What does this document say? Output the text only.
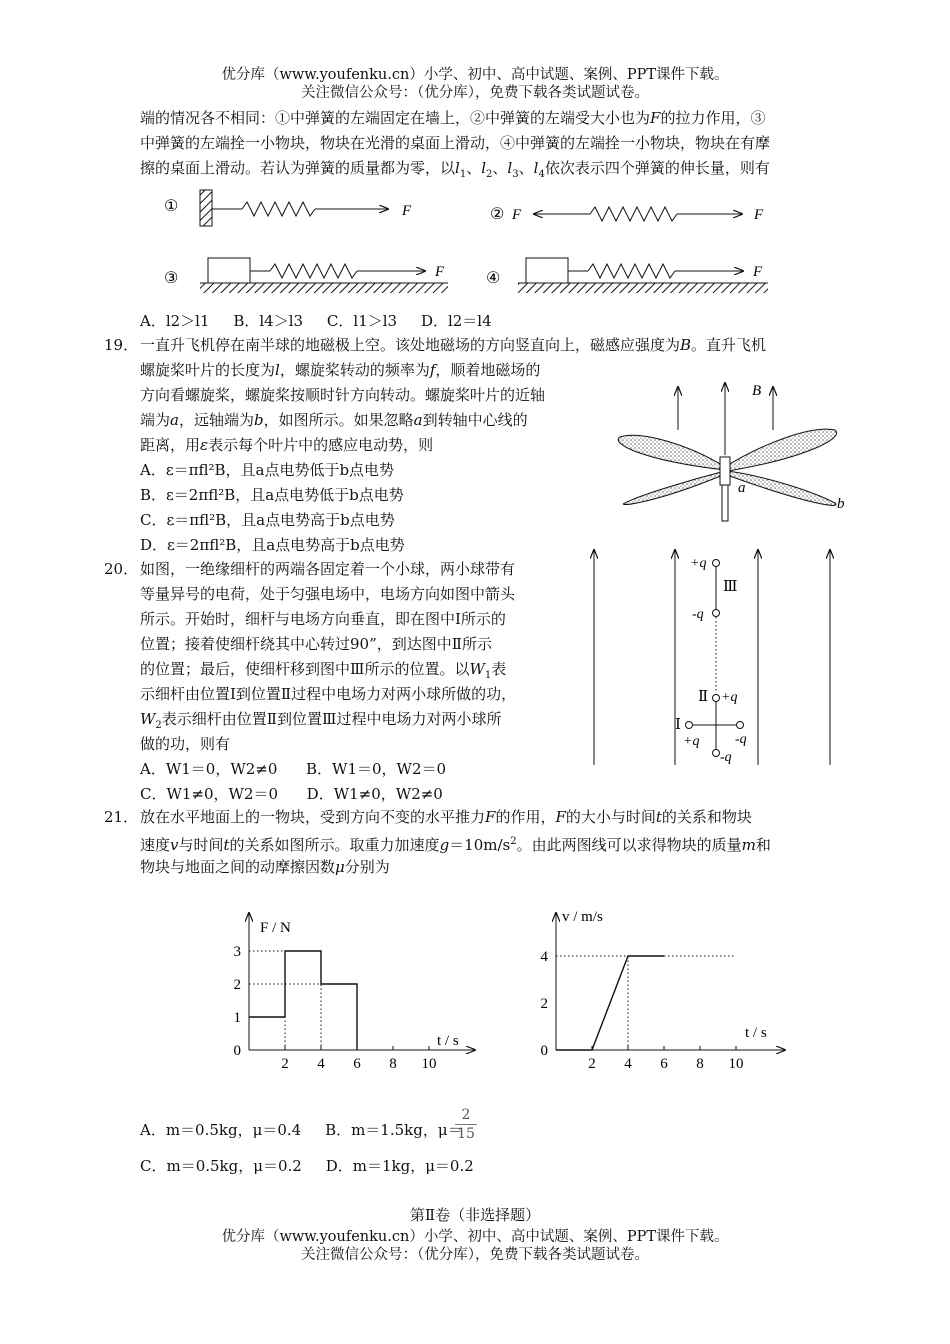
优分库（www.youfenku.cn）小学、初中、高中试题、案例、PPT课件下载。
关注微信公众号：（优分库），免费下载各类试题试卷。
端的情况各不相同：①中弹簧的左端固定在墙上，②中弹簧的左端受大小也为F的拉力作用，③
中弹簧的左端拴一小物块，物块在光滑的桌面上滑动，④中弹簧的左端拴一小物块，物块在有摩
擦的桌面上滑动。若认为弹簧的质量都为零，以$l_1$、$l_2$、$l_3$、$l_4$依次表示四个弹簧的伸长量，则有
①	F	② F	F
③	F	④	F
A．l2＞l1 B．l4＞l3 C．l1＞l3 D．l2＝l4
19． 一直升飞机停在南半球的地磁极上空。该处地磁场的方向竖直向上，磁感应强度为B。直升飞机
螺旋桨叶片的长度为l，螺旋桨转动的频率为f，顺着地磁场的
方向看螺旋桨，螺旋桨按顺时针方向转动。螺旋桨叶片的近轴
端为a，远轴端为b，如图所示。如果忽略a到转轴中心线的
距离，用ε表示每个叶片中的感应电动势，则
A．ε＝πfl²B，且a点电势低于b点电势
B．ε＝2πfl²B，且a点电势低于b点电势
C．ε＝πfl²B，且a点电势高于b点电势
D．ε＝2πfl²B，且a点电势高于b点电势
B
a
b
20． 如图，一绝缘细杆的两端各固定着一个小球，两小球带有
等量异号的电荷，处于匀强电场中，电场方向如图中箭头
所示。开始时，细杆与电场方向垂直，即在图中Ⅰ所示的
位置；接着使细杆绕其中心转过90”，到达图中Ⅱ所示
的位置；最后，使细杆移到图中Ⅲ所示的位置。以$W_1$表
示细杆由位置Ⅰ到位置Ⅱ过程中电场力对两小球所做的功，
$W_2$表示细杆由位置Ⅱ到位置Ⅲ过程中电场力对两小球所
做的功，则有
A．W1＝0，W2≠0 B．W1＝0，W2＝0
C．W1≠0，W2＝0 D．W1≠0，W2≠0
+q
-q
Ⅲ
Ⅱ +q
-q
Ⅰ
+q	-q
21． 放在水平地面上的一物块，受到方向不变的水平推力F的作用，F的大小与时间t的关系和物块
速度v与时间t的关系如图所示。取重力加速度$g=10m/s^2$。由此两图线可以求得物块的质量m和
物块与地面之间的动摩擦因数μ分别为
2 4 6 8 10
0
1
2
3
F / N
t / s
2 4 6 8 10
0
2
4
v / m/s
t / s
A．m＝0.5kg，μ＝0.4 B．m＝1.5kg，μ＝
$\frac{2}{15}$
C．m＝0.5kg，μ＝0.2 D．m＝1kg，μ＝0.2
第Ⅱ卷（非选择题）
优分库（www.youfenku.cn）小学、初中、高中试题、案例、PPT课件下载。
关注微信公众号：（优分库），免费下载各类试题试卷。
